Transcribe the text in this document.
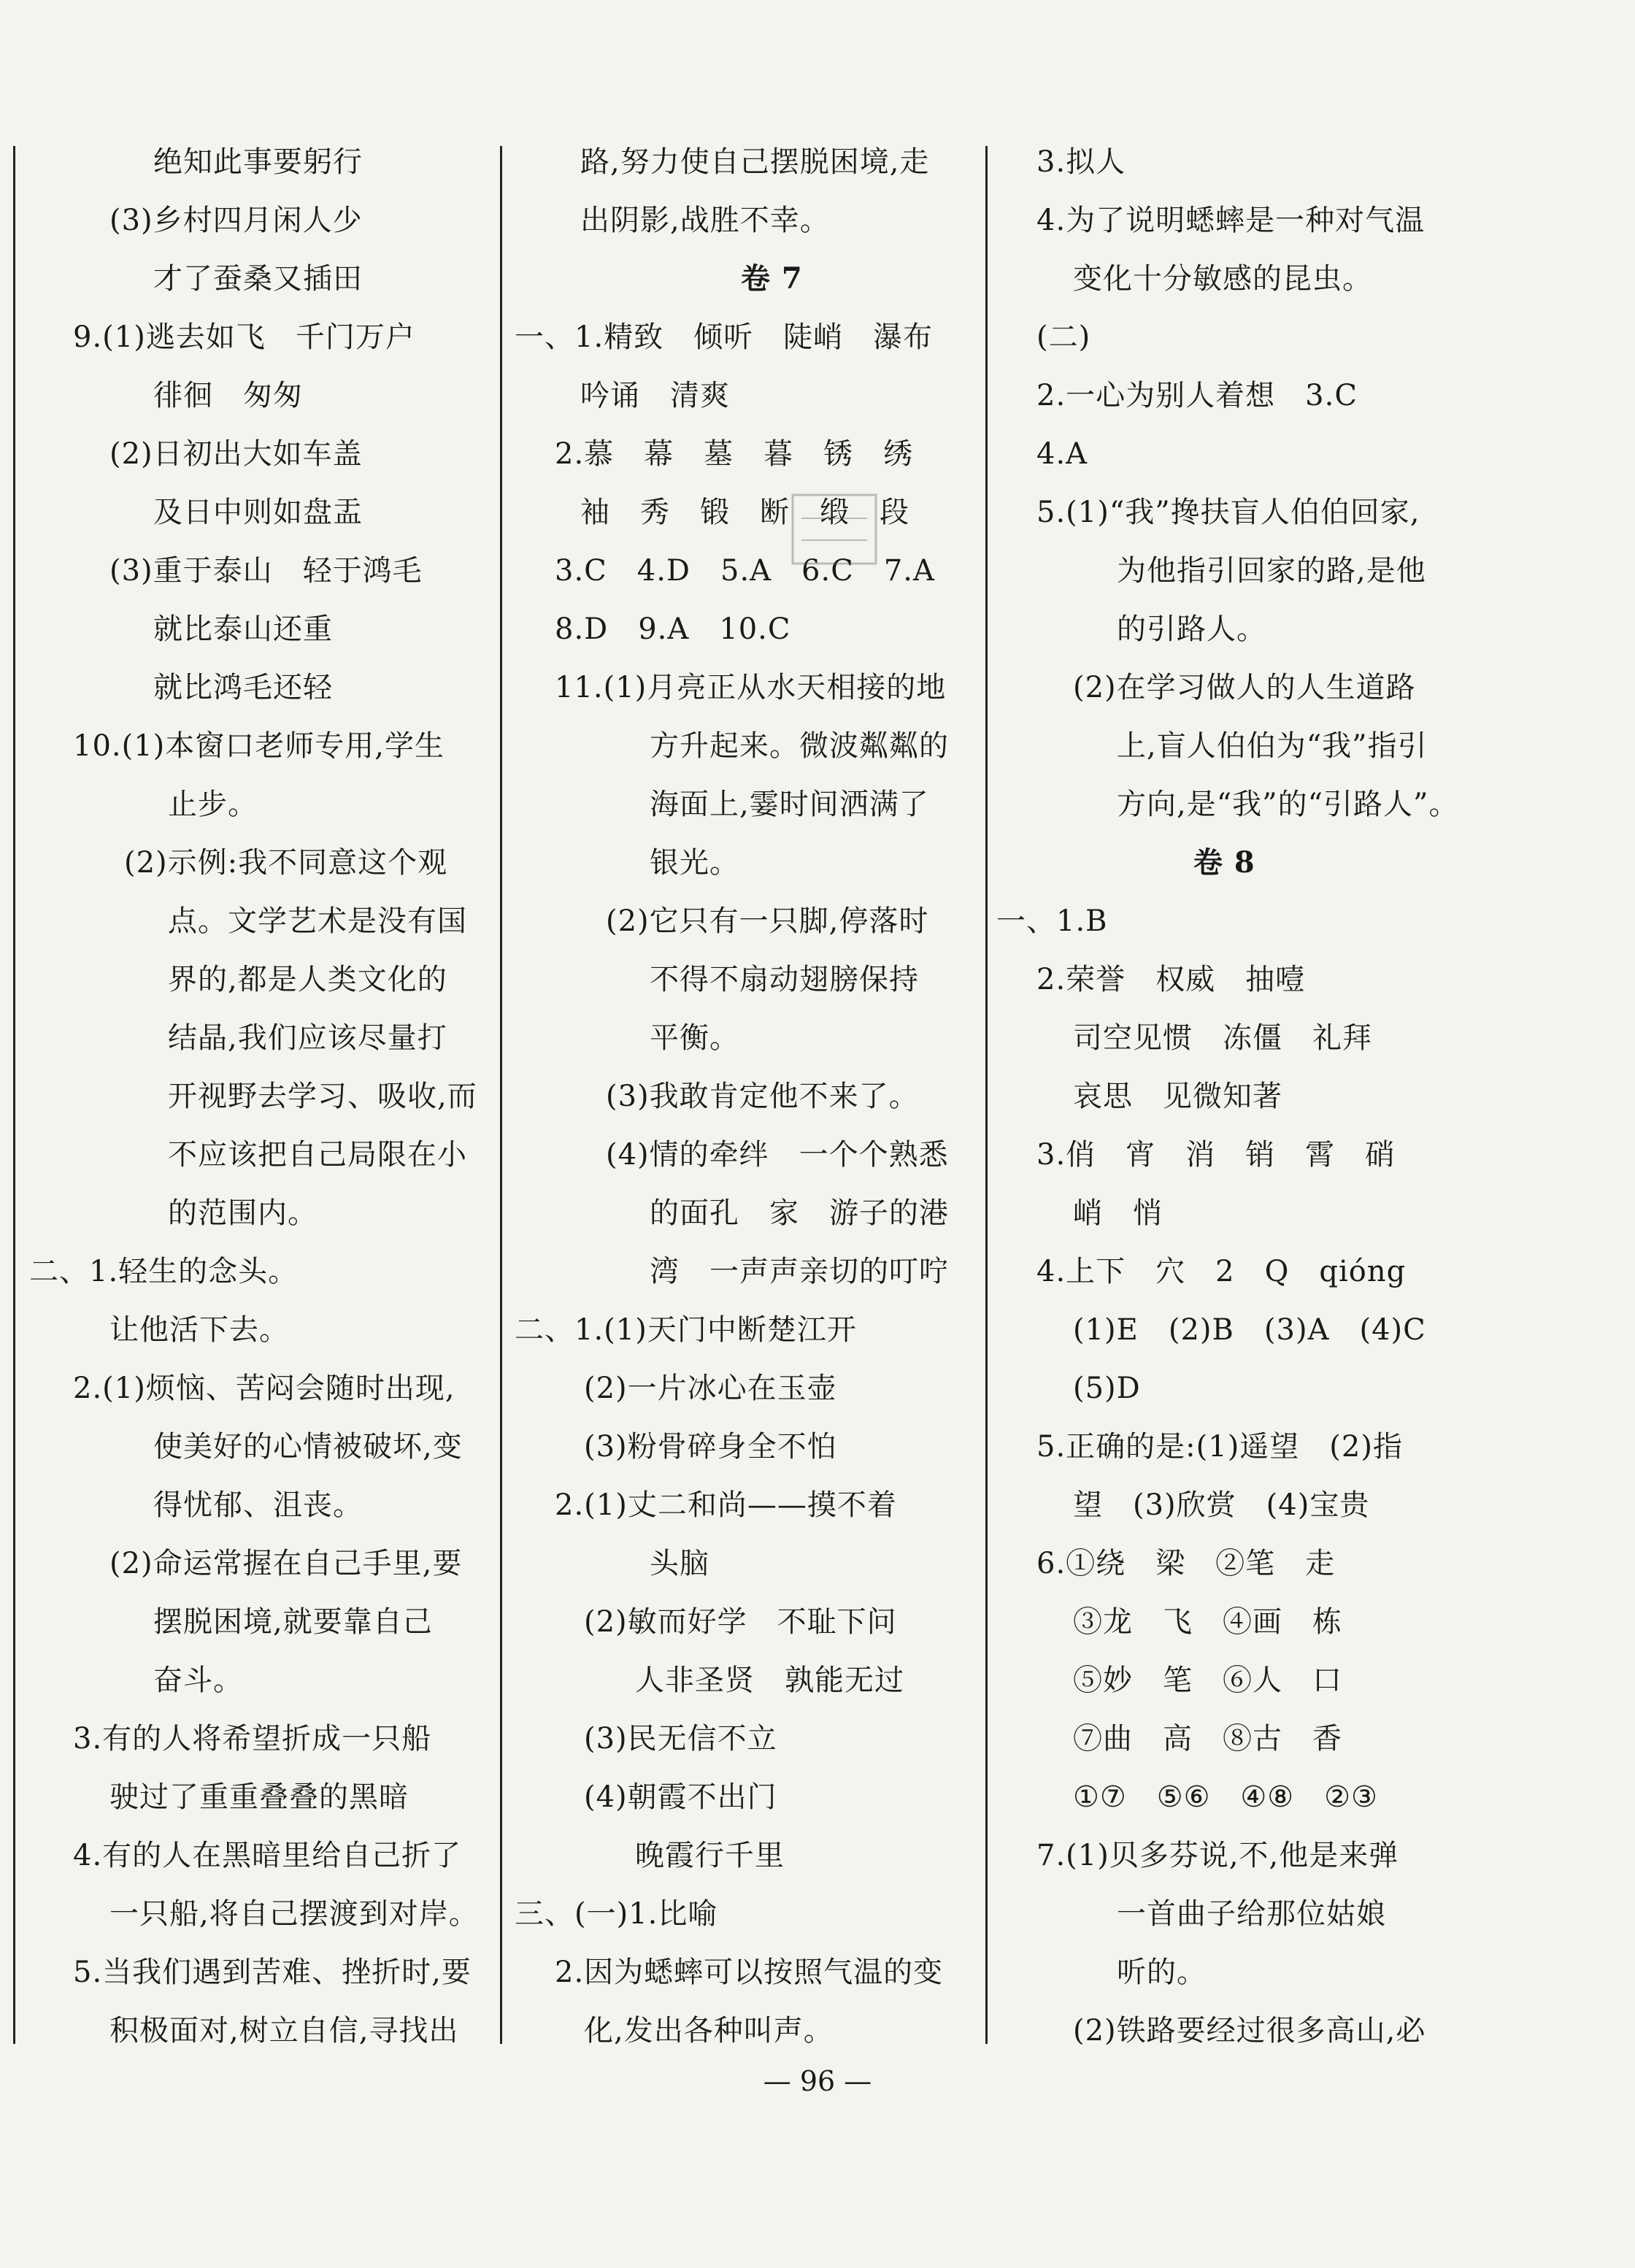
绝知此事要躬行
(3)乡村四月闲人少
才了蚕桑又插田
9.(1)逃去如飞　千门万户
徘徊　匆匆
(2)日初出大如车盖
及日中则如盘盂
(3)重于泰山　轻于鸿毛
就比泰山还重
就比鸿毛还轻
10.(1)本窗口老师专用,学生
止步。
(2)示例:我不同意这个观
点。文学艺术是没有国
界的,都是人类文化的
结晶,我们应该尽量打
开视野去学习、吸收,而
不应该把自己局限在小
的范围内。
二、1.轻生的念头。
让他活下去。
2.(1)烦恼、苦闷会随时出现,
使美好的心情被破坏,变
得忧郁、沮丧。
(2)命运常握在自己手里,要
摆脱困境,就要靠自己
奋斗。
3.有的人将希望折成一只船
驶过了重重叠叠的黑暗
4.有的人在黑暗里给自己折了
一只船,将自己摆渡到对岸。
5.当我们遇到苦难、挫折时,要
积极面对,树立自信,寻找出
路,努力使自己摆脱困境,走
出阴影,战胜不幸。
卷 7
一、1.精致　倾听　陡峭　瀑布
吟诵　清爽
2.慕　幕　墓　暮　锈　绣
袖　秀　锻　断　缎　段
3.C　4.D　5.A　6.C　7.A
8.D　9.A　10.C
11.(1)月亮正从水天相接的地
方升起来。微波粼粼的
海面上,霎时间洒满了
银光。
(2)它只有一只脚,停落时
不得不扇动翅膀保持
平衡。
(3)我敢肯定他不来了。
(4)情的牵绊　一个个熟悉
的面孔　家　游子的港
湾　一声声亲切的叮咛
二、1.(1)天门中断楚江开
(2)一片冰心在玉壶
(3)粉骨碎身全不怕
2.(1)丈二和尚——摸不着
头脑
(2)敏而好学　不耻下问
人非圣贤　孰能无过
(3)民无信不立
(4)朝霞不出门
晚霞行千里
三、(一)1.比喻
2.因为蟋蟀可以按照气温的变
化,发出各种叫声。
3.拟人
4.为了说明蟋蟀是一种对气温
变化十分敏感的昆虫。
(二)
2.一心为别人着想　3.C
4.A
5.(1)“我”搀扶盲人伯伯回家,
为他指引回家的路,是他
的引路人。
(2)在学习做人的人生道路
上,盲人伯伯为“我”指引
方向,是“我”的“引路人”。
卷 8
一、1.B
2.荣誉　权威　抽噎
司空见惯　冻僵　礼拜
哀思　见微知著
3.俏　宵　消　销　霄　硝
峭　悄
4.上下　穴　2　Q　qióng
(1)E　(2)B　(3)A　(4)C
(5)D
5.正确的是:(1)遥望　(2)指
望　(3)欣赏　(4)宝贵
6.①绕　梁　②笔　走
③龙　飞　④画　栋
⑤妙　笔　⑥人　口
⑦曲　高　⑧古　香
①⑦　⑤⑥　④⑧　②③
7.(1)贝多芬说,不,他是来弹
一首曲子给那位姑娘
听的。
(2)铁路要经过很多高山,必
— 96 —
